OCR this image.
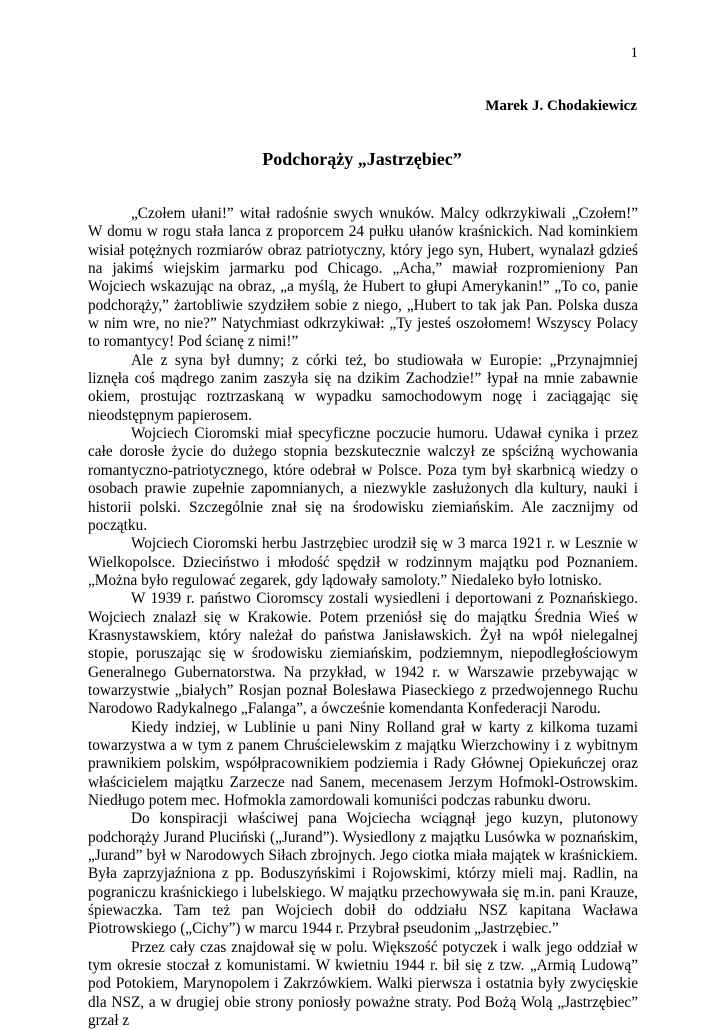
1
Marek J. Chodakiewicz
Podchorąży „Jastrzębiec”

„Czołem ułani!” witał radośnie swych wnuków. Malcy odkrzykiwali „Czołem!” W domu w rogu stała lanca z proporcem 24 pułku ułanów kraśnickich. Nad kominkiem wisiał potężnych rozmiarów obraz patriotyczny, który jego syn, Hubert, wynalazł gdzieś na jakimś wiejskim jarmarku pod Chicago. „Acha,” mawiał rozpromieniony Pan Wojciech wskazując na obraz, „a myślą, że Hubert to głupi Amerykanin!” „To co, panie podchorąży,” żartobliwie szydziłem sobie z niego, „Hubert to tak jak Pan. Polska dusza w nim wre, no nie?” Natychmiast odkrzykiwał: „Ty jesteś oszołomem! Wszyscy Polacy to romantycy! Pod ścianę z nimi!”

Ale z syna był dumny; z córki też, bo studiowała w Europie: „Przynajmniej liznęła coś mądrego zanim zaszyła się na dzikim Zachodzie!” łypał na mnie zabawnie okiem, prostując roztrzaskaną w wypadku samochodowym nogę i zaciągając się nieodstępnym papierosem.

Wojciech Cioromski miał specyficzne poczucie humoru. Udawał cynika i przez całe dorosłe życie do dużego stopnia bezskutecznie walczył ze spściźną wychowania romantyczno-patriotycznego, które odebrał w Polsce. Poza tym był skarbnicą wiedzy o osobach prawie zupełnie zapomnianych, a niezwykle zasłużonych dla kultury, nauki i historii polski. Szczególnie znał się na środowisku ziemiańskim. Ale zacznijmy od początku.

Wojciech Cioromski herbu Jastrzębiec urodził się w 3 marca 1921 r. w Lesznie w Wielkopolsce. Dzieciństwo i młodość spędził w rodzinnym majątku pod Poznaniem. „Można było regulować zegarek, gdy lądowały samoloty.” Niedaleko było lotnisko.

W 1939 r. państwo Cioromscy zostali wysiedleni i deportowani z Poznańskiego. Wojciech znalazł się w Krakowie. Potem przeniósł się do majątku Średnia Wieś w Krasnystawskiem, który należał do państwa Janisławskich. Żył na wpół nielegalnej stopie, poruszając się w środowisku ziemiańskim, podziemnym, niepodległościowym Generalnego Gubernatorstwa. Na przykład, w 1942 r. w Warszawie przebywając w towarzystwie „białych” Rosjan poznał Bolesława Piaseckiego z przedwojennego Ruchu Narodowo Radykalnego „Falanga”, a ówcześnie komendanta Konfederacji Narodu.

Kiedy indziej, w Lublinie u pani Niny Rolland grał w karty z kilkoma tuzami towarzystwa a w tym z panem Chruścielewskim z majątku Wierzchowiny i z wybitnym prawnikiem polskim, współpracownikiem podziemia i Rady Głównej Opiekuńczej oraz właścicielem majątku Zarzecze nad Sanem, mecenasem Jerzym Hofmokl-Ostrowskim. Niedługo potem mec. Hofmokla zamordowali komuniści podczas rabunku dworu.

Do konspiracji właściwej pana Wojciecha wciągnął jego kuzyn, plutonowy podchorąży Jurand Pluciński („Jurand”). Wysiedlony z majątku Lusówka w poznańskim, „Jurand” był w Narodowych Siłach zbrojnych. Jego ciotka miała majątek w kraśnickiem. Była zaprzyjaźniona z pp. Boduszyńskimi i Rojowskimi, którzy mieli maj. Radlin, na pograniczu kraśnickiego i lubelskiego. W majątku przechowywała się m.in. pani Krauze, śpiewaczka. Tam też pan Wojciech dobił do oddziału NSZ kapitana Wacława Piotrowskiego („Cichy”) w marcu 1944 r. Przybrał pseudonim „Jastrzębiec.”

Przez cały czas znajdował się w polu. Większość potyczek i walk jego oddział w tym okresie stoczał z komunistami. W kwietniu 1944 r. bił się z tzw. „Armią Ludową” pod Potokiem, Marynopolem i Zakrzówkiem. Walki pierwsza i ostatnia były zwycięskie dla NSZ, a w drugiej obie strony poniosły poważne straty. Pod Bożą Wolą „Jastrzębiec” grzał z
